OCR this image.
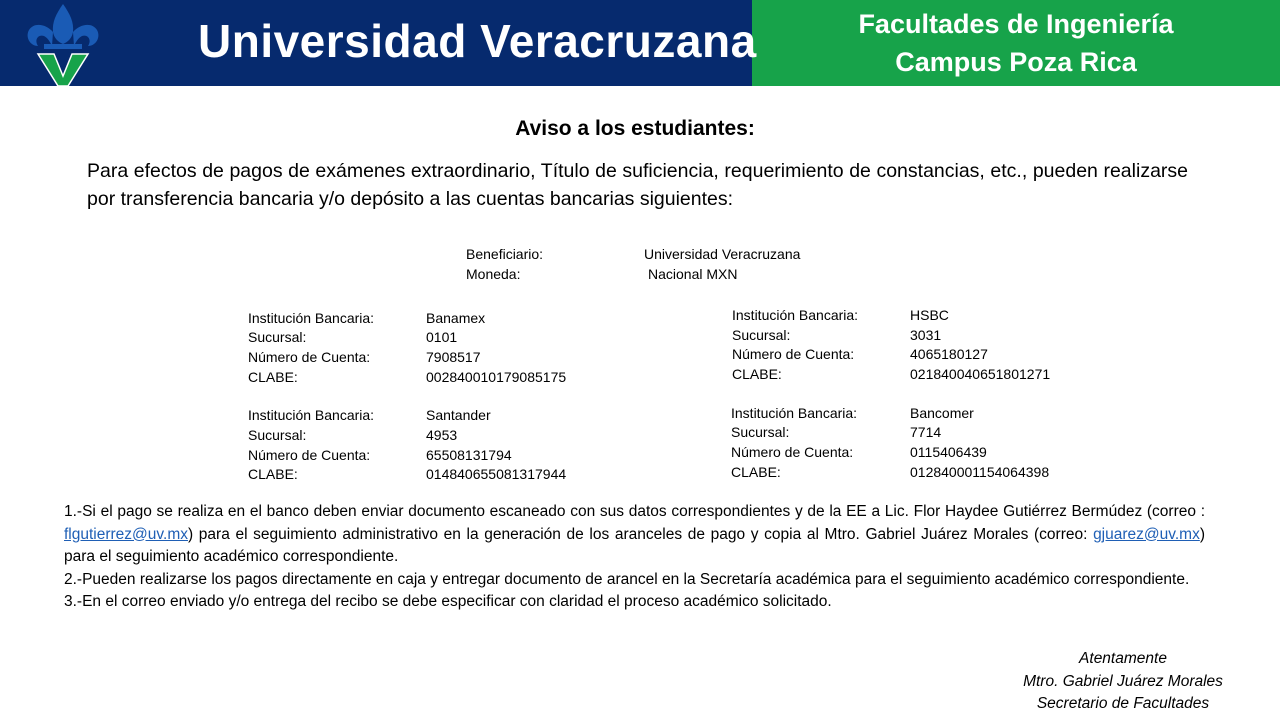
Universidad Veracruzana	Facultades de Ingeniería
Campus Poza Rica
Aviso a los estudiantes:
Para efectos de pagos de exámenes extraordinario, Título de suficiencia, requerimiento de constancias, etc., pueden realizarse por transferencia bancaria y/o depósito a las cuentas bancarias siguientes:
Beneficiario:	Universidad Veracruzana
Moneda:	Nacional MXN
Institución Bancaria:	Banamex
Sucursal:	0101
Número de Cuenta:	7908517
CLABE:	002840010179085175
Institución Bancaria:	HSBC
Sucursal:	3031
Número de Cuenta:	4065180127
CLABE:	021840040651801271
Institución Bancaria:	Santander
Sucursal:	4953
Número de Cuenta:	65508131794
CLABE:	014840655081317944
Institución Bancaria:	Bancomer
Sucursal:	7714
Número de Cuenta:	0115406439
CLABE:	012840001154064398

1.-Si el pago se realiza en el banco deben enviar documento escaneado con sus datos correspondientes y de la EE a Lic. Flor Haydee Gutiérrez Bermúdez (correo : flgutierrez@uv.mx) para el seguimiento administrativo en la generación de los aranceles de pago y copia al Mtro. Gabriel Juárez Morales (correo: gjuarez@uv.mx) para el seguimiento académico correspondiente.

2.-Pueden realizarse los pagos directamente en caja y entregar documento de arancel en la Secretaría académica para el seguimiento académico correspondiente.

3.-En el correo enviado y/o entrega del recibo se debe especificar con claridad el proceso académico solicitado.

Atentamente
Mtro. Gabriel Juárez Morales
Secretario de Facultades
